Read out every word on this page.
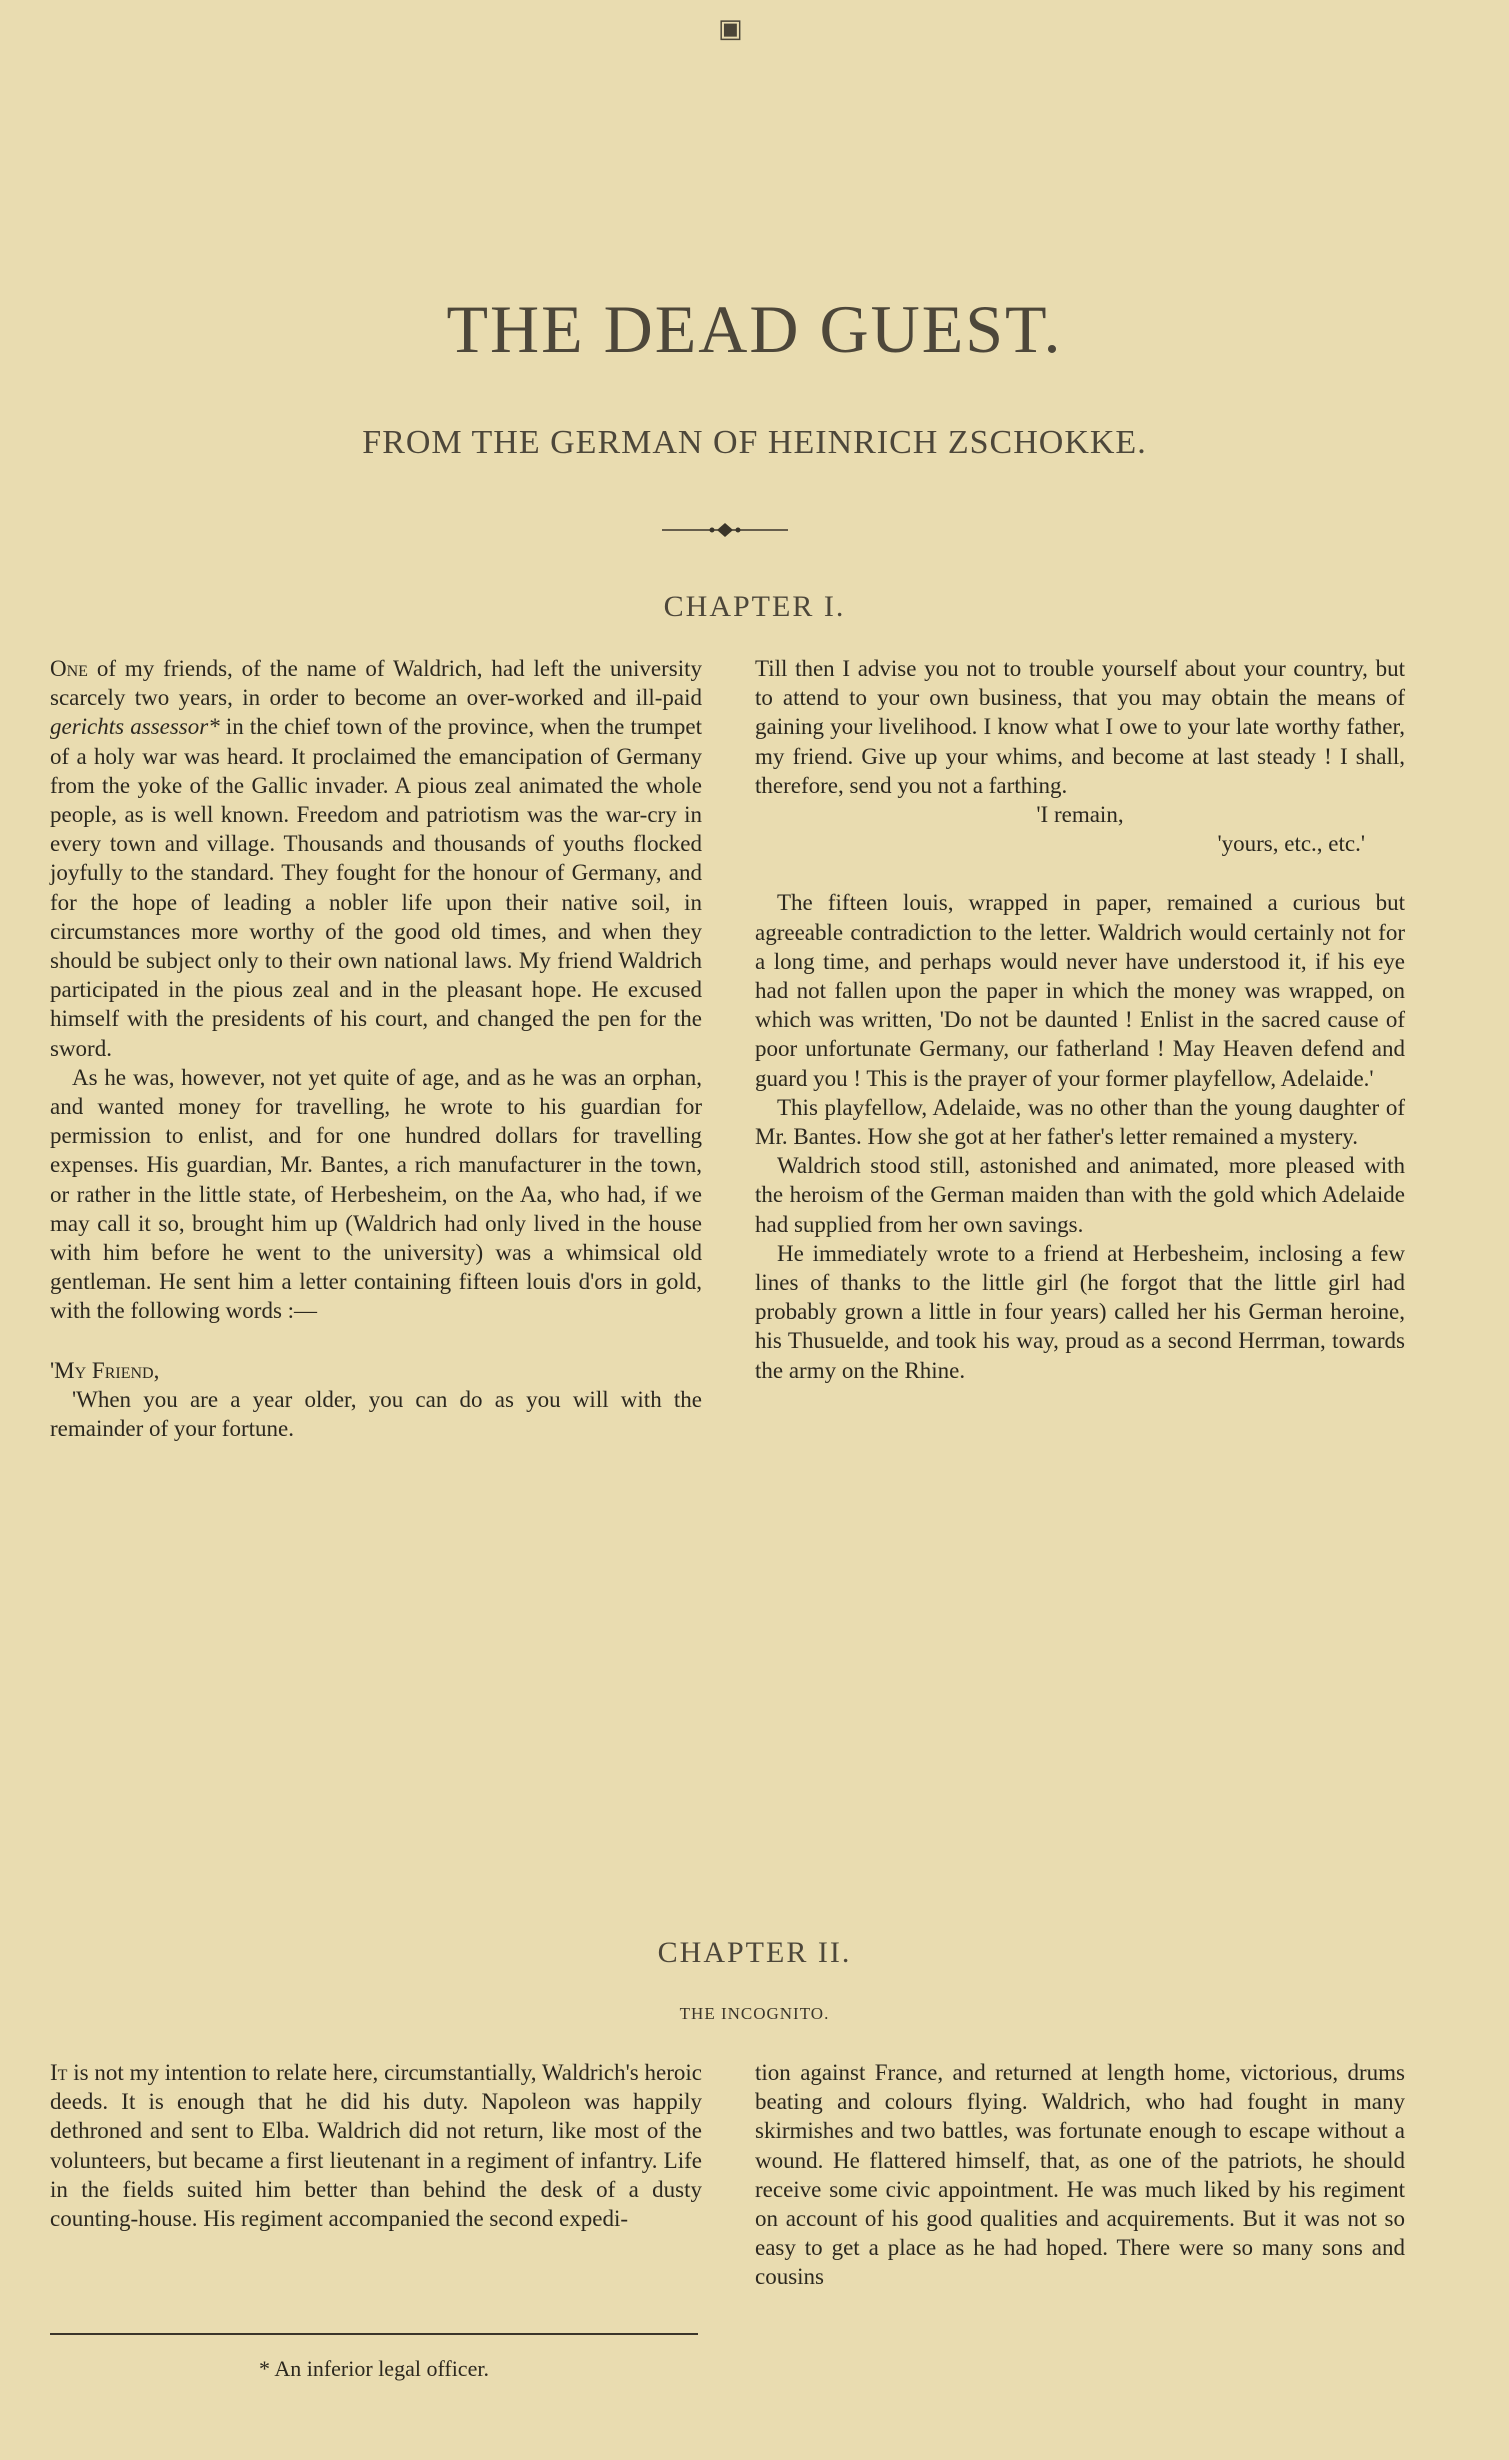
▣
THE DEAD GUEST.
FROM THE GERMAN OF HEINRICH ZSCHOKKE.
CHAPTER I.

One of my friends, of the name of Waldrich, had left the university scarcely two years, in order to become an over-worked and ill-paid gerichts assessor* in the chief town of the province, when the trumpet of a holy war was heard. It proclaimed the emancipation of Germany from the yoke of the Gallic invader. A pious zeal animated the whole people, as is well known. Freedom and patriotism was the war-cry in every town and village. Thousands and thousands of youths flocked joyfully to the standard. They fought for the honour of Germany, and for the hope of leading a nobler life upon their native soil, in circumstances more worthy of the good old times, and when they should be subject only to their own national laws. My friend Waldrich participated in the pious zeal and in the pleasant hope. He excused himself with the presidents of his court, and changed the pen for the sword.

As he was, however, not yet quite of age, and as he was an orphan, and wanted money for travelling, he wrote to his guardian for permission to enlist, and for one hundred dollars for travelling expenses. His guardian, Mr. Bantes, a rich manufacturer in the town, or rather in the little state, of Herbesheim, on the Aa, who had, if we may call it so, brought him up (Waldrich had only lived in the house with him before he went to the university) was a whimsical old gentleman. He sent him a letter containing fifteen louis d'ors in gold, with the following words :—

'My Friend,

'When you are a year older, you can do as you will with the remainder of your fortune.

Till then I advise you not to trouble yourself about your country, but to attend to your own business, that you may obtain the means of gaining your livelihood. I know what I owe to your late worthy father, my friend. Give up your whims, and become at last steady ! I shall, therefore, send you not a farthing.

'I remain,

'yours, etc., etc.'

The fifteen louis, wrapped in paper, remained a curious but agreeable contradiction to the letter. Waldrich would certainly not for a long time, and perhaps would never have understood it, if his eye had not fallen upon the paper in which the money was wrapped, on which was written, 'Do not be daunted ! Enlist in the sacred cause of poor unfortunate Germany, our fatherland ! May Heaven defend and guard you ! This is the prayer of your former playfellow, Adelaide.'

This playfellow, Adelaide, was no other than the young daughter of Mr. Bantes. How she got at her father's letter remained a mystery.

Waldrich stood still, astonished and animated, more pleased with the heroism of the German maiden than with the gold which Adelaide had supplied from her own savings.

He immediately wrote to a friend at Herbesheim, inclosing a few lines of thanks to the little girl (he forgot that the little girl had probably grown a little in four years) called her his German heroine, his Thusuelde, and took his way, proud as a second Herrman, towards the army on the Rhine.

CHAPTER II.
THE INCOGNITO.

It is not my intention to relate here, circumstantially, Waldrich's heroic deeds. It is enough that he did his duty. Napoleon was happily dethroned and sent to Elba. Waldrich did not return, like most of the volunteers, but became a first lieutenant in a regiment of infantry. Life in the fields suited him better than behind the desk of a dusty counting-house. His regiment accompanied the second expedi-

tion against France, and returned at length home, victorious, drums beating and colours flying. Waldrich, who had fought in many skirmishes and two battles, was fortunate enough to escape without a wound. He flattered himself, that, as one of the patriots, he should receive some civic appointment. He was much liked by his regiment on account of his good qualities and acquirements. But it was not so easy to get a place as he had hoped. There were so many sons and cousins

* An inferior legal officer.
